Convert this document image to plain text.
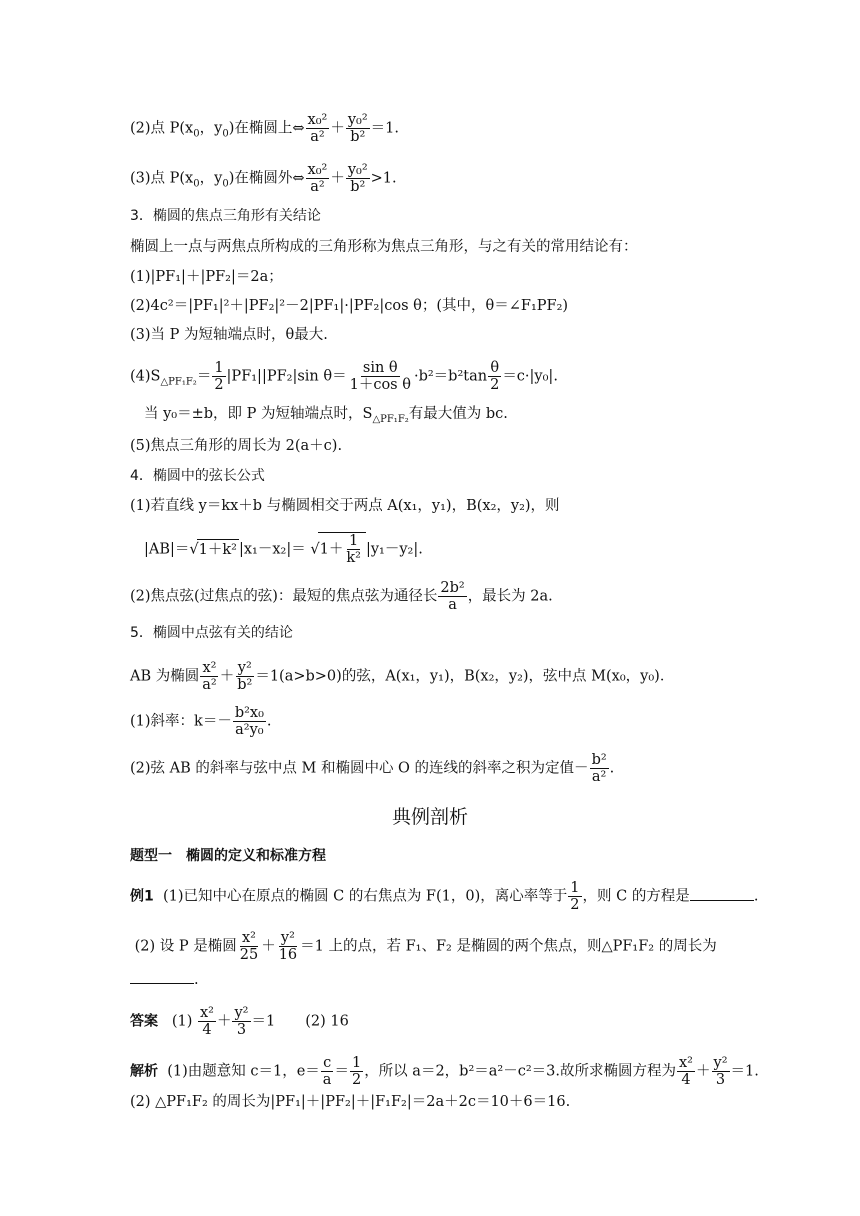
(2)点 $P(x_0$，$y_0$)在椭圆上⇔ $\frac{\text{x₀²}}{\text{a²}} + \frac{\text{y₀²}}{\text{b²}} =1$.
(3)点 $P(x_0$，$y_0$)在椭圆外⇔ $\frac{\text{x₀²}}{\text{a²}} + \frac{\text{y₀²}}{\text{b²}} >1$.
3．椭圆的焦点三角形有关结论
椭圆上一点与两焦点所构成的三角形称为焦点三角形，与之有关的常用结论有：
(1)|PF₁|＋|PF₂|＝2a；
(2)4c²＝|PF₁|²＋|PF₂|²－2|PF₁|·|PF₂|cos θ；(其中，θ＝∠F₁PF₂)
(3)当 P 为短轴端点时，θ最大.
$(4)S_{\triangle PF_1F_2}= \frac{1}{2} |PF_1||PF_2|\sin$ $\theta= \frac{\text{sin θ}}{\text{1＋cos θ}} \cdot b^2=b^2\tan \frac{\theta}{2} =c\cdot|y_0|$.
当 y₀＝±b，即 P 为短轴端点时，$S_{\triangle PF_1F_2}$有最大值为 bc.
(5)焦点三角形的周长为 2(a＋c).
4．椭圆中的弦长公式
(1)若直线 y＝kx＋b 与椭圆相交于两点 A(x₁，y₁)，B(x₂，y₂)，则
|AB|＝√1＋k² $|x_1-x_2|= √1+ \frac{1}{\text{k²}} |y_1-y_2|$.
(2)焦点弦(过焦点的弦)：最短的焦点弦为通径长 $\frac{\text{2b²}}{a}$ ，最长为 2a.
5．椭圆中点弦有关的结论
AB 为椭圆 $\frac{\text{x²}}{\text{a²}} + \frac{\text{y²}}{\text{b²}} =1(a>b>0)$的弦，A(x₁，y₁)，B(x₂，y₂)，弦中点 M(x₀，y₀)．
(1)斜率：$k=- \frac{\text{b²x₀}}{\text{a²y₀}}$ .
(2)弦 AB 的斜率与弦中点 M 和椭圆中心 O 的连线的斜率之积为定值－ $\frac{\text{b²}}{\text{a²}}$ .
典例剖析
题型一　椭圆的定义和标准方程
例1 (1)已知中心在原点的椭圆 C 的右焦点为 F(1，0)，离心率等于 $\frac{1}{2}$ ，则 C 的方程是	.
(2) 设 P 是椭圆 $\frac{\text{x²}}{25} + \frac{\text{y²}}{16} =1$ 上的点，若 F₁、F₂ 是椭圆的两个焦点，则△PF₁F₂ 的周长为
.
答案 $(1) \frac{\text{x²}}{4} + \frac{\text{y²}}{3} =1$ (2) 16
解析 (1)由题意知 c＝1，$e= \frac{c}{a} = \frac{1}{2}$ ，所以 a＝2，b²＝a²－c²＝3.故所求椭圆方程为 $\frac{\text{x²}}{4} + \frac{\text{y²}}{3} =1$.
(2) △PF₁F₂ 的周长为|PF₁|＋|PF₂|＋|F₁F₂|＝2a＋2c＝10＋6＝16.
